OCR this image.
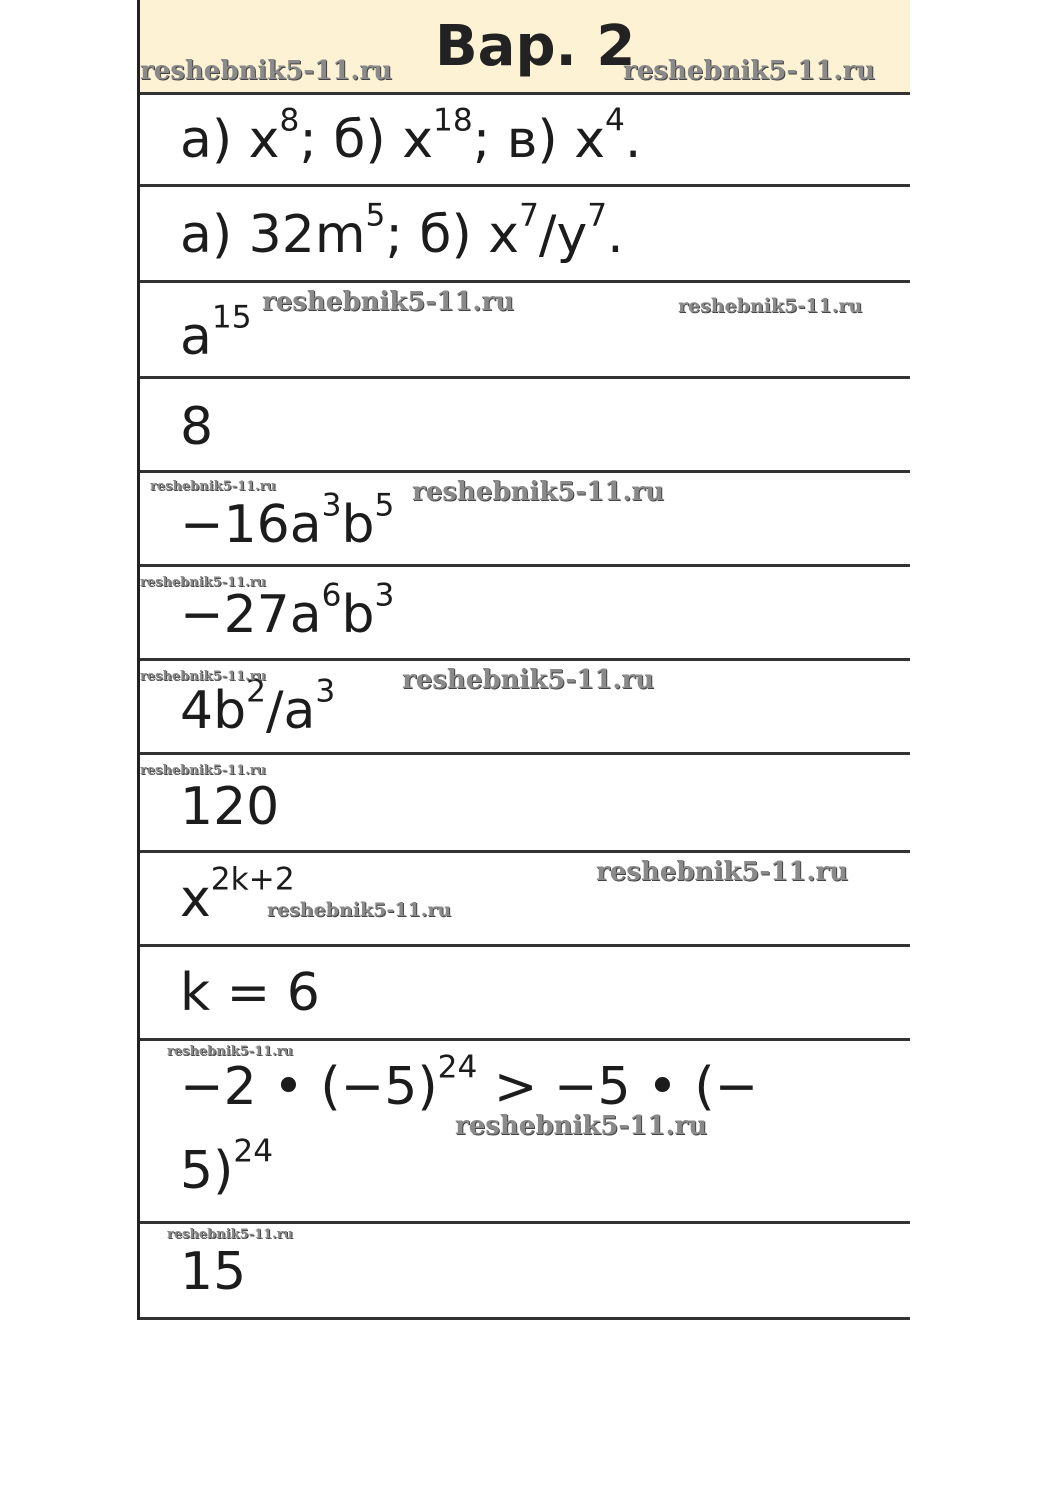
Вар. 2
reshebnik5-11.ru	reshebnik5-11.ru
а) $x^8$; б) $x^{18}$; в) $x^4$.
а) $32m^5$; б) $x^7/y^7$.
$a^{15}$ reshebnik5-11.ru	reshebnik5-11.ru
8
$-16a^3b^5$
reshebnik5-11.ru	reshebnik5-11.ru
$-27a^6b^3$
reshebnik5-11.ru
$4b^2/a^3$
reshebnik5-11.ru	reshebnik5-11.ru
120
reshebnik5-11.ru
$x^{2k+2}$	reshebnik5-11.ru
reshebnik5-11.ru
k = 6
−2 • $(-5)^{24} > -5$ • (−
5)$^{24}$
reshebnik5-11.ru
reshebnik5-11.ru
15
reshebnik5-11.ru
